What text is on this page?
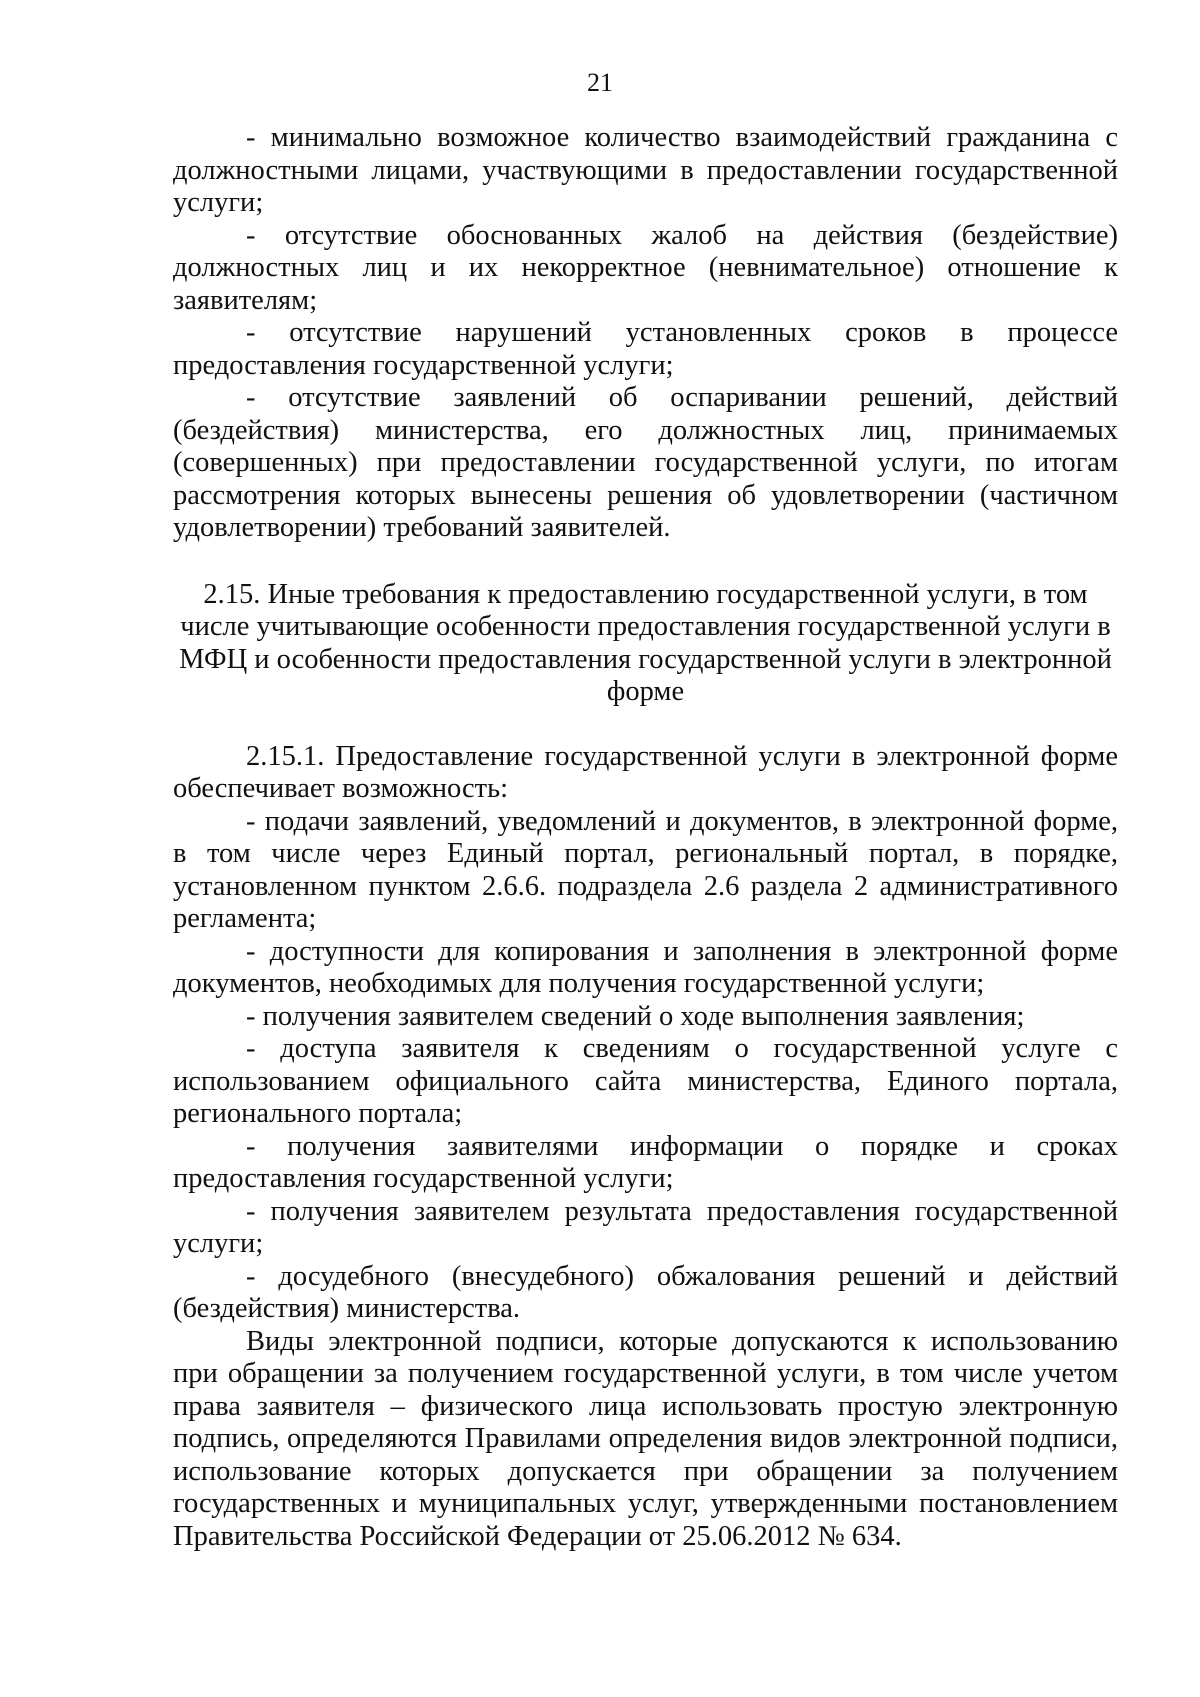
21

- минимально возможное количество взаимодействий гражданина с должностными лицами, участвующими в предоставлении государственной услуги;

- отсутствие обоснованных жалоб на действия (бездействие) должностных лиц и их некорректное (невнимательное) отношение к заявителям;

- отсутствие нарушений установленных сроков в процессе предоставления государственной услуги;

- отсутствие заявлений об оспаривании решений, действий (бездействия) министерства, его должностных лиц, принимаемых (совершенных) при предоставлении государственной услуги, по итогам рассмотрения которых вынесены решения об удовлетворении (частичном удовлетворении) требований заявителей.

2.15. Иные требования к предоставлению государственной услуги, в том числе учитывающие особенности предоставления государственной услуги в МФЦ и особенности предоставления государственной услуги в электронной форме

2.15.1. Предоставление государственной услуги в электронной форме обеспечивает возможность:

- подачи заявлений, уведомлений и документов, в электронной форме, в том числе через Единый портал, региональный портал, в порядке, установленном пунктом 2.6.6. подраздела 2.6 раздела 2 административного регламента;

- доступности для копирования и заполнения в электронной форме документов, необходимых для получения государственной услуги;

- получения заявителем сведений о ходе выполнения заявления;

- доступа заявителя к сведениям о государственной услуге с использованием официального сайта министерства, Единого портала, регионального портала;

- получения заявителями информации о порядке и сроках предоставления государственной услуги;

- получения заявителем результата предоставления государственной услуги;

- досудебного (внесудебного) обжалования решений и действий (бездействия) министерства.

Виды электронной подписи, которые допускаются к использованию при обращении за получением государственной услуги, в том числе учетом права заявителя – физического лица использовать простую электронную подпись, определяются Правилами определения видов электронной подписи, использование которых допускается при обращении за получением государственных и муниципальных услуг, утвержденными постановлением Правительства Российской Федерации от 25.06.2012 № 634.
